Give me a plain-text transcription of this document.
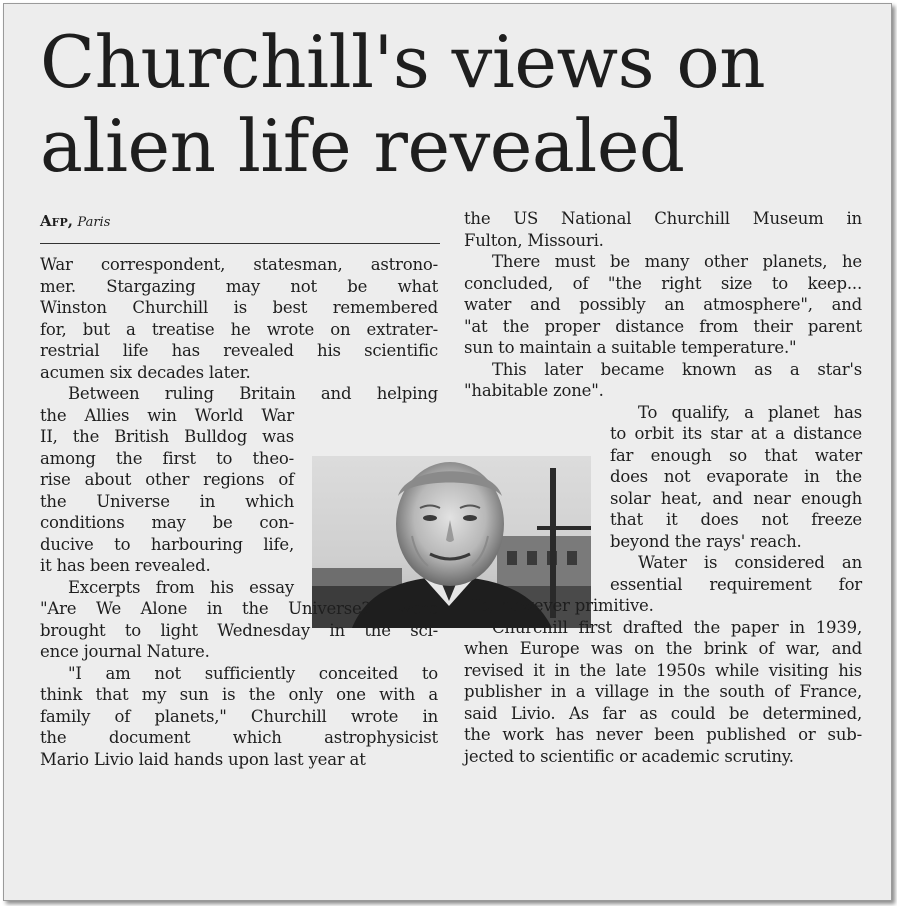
Churchill's views on alien life revealed
Afp, Paris
War correspondent, statesman, astrono-
mer. Stargazing may not be what
Winston Churchill is best remembered
for, but a treatise he wrote on extrater-
restrial life has revealed his scientific
acumen six decades later.
Between ruling Britain and helping
the Allies win World War
II, the British Bulldog was
among the first to theo-
rise about other regions of
the Universe in which
conditions may be con-
ducive to harbouring life,
it has been revealed.
Excerpts from his essay
"Are We Alone in the Universe?" were
brought to light Wednesday in the sci-
ence journal Nature.
"I am not sufficiently conceited to
think that my sun is the only one with a
family of planets," Churchill wrote in
the document which astrophysicist
Mario Livio laid hands upon last year at
the US National Churchill Museum in
Fulton, Missouri.
There must be many other planets, he
concluded, of "the right size to keep...
water and possibly an atmosphere", and
"at the proper distance from their parent
sun to maintain a suitable temperature."
This later became known as a star's
"habitable zone".
To qualify, a planet has
to orbit its star at a distance
far enough so that water
does not evaporate in the
solar heat, and near enough
that it does not freeze
beyond the rays' reach.
Water is considered an
essential requirement for
life, however primitive.
Churchill first drafted the paper in 1939,
when Europe was on the brink of war, and
revised it in the late 1950s while visiting his
publisher in a village in the south of France,
said Livio. As far as could be determined,
the work has never been published or sub-
jected to scientific or academic scrutiny.
